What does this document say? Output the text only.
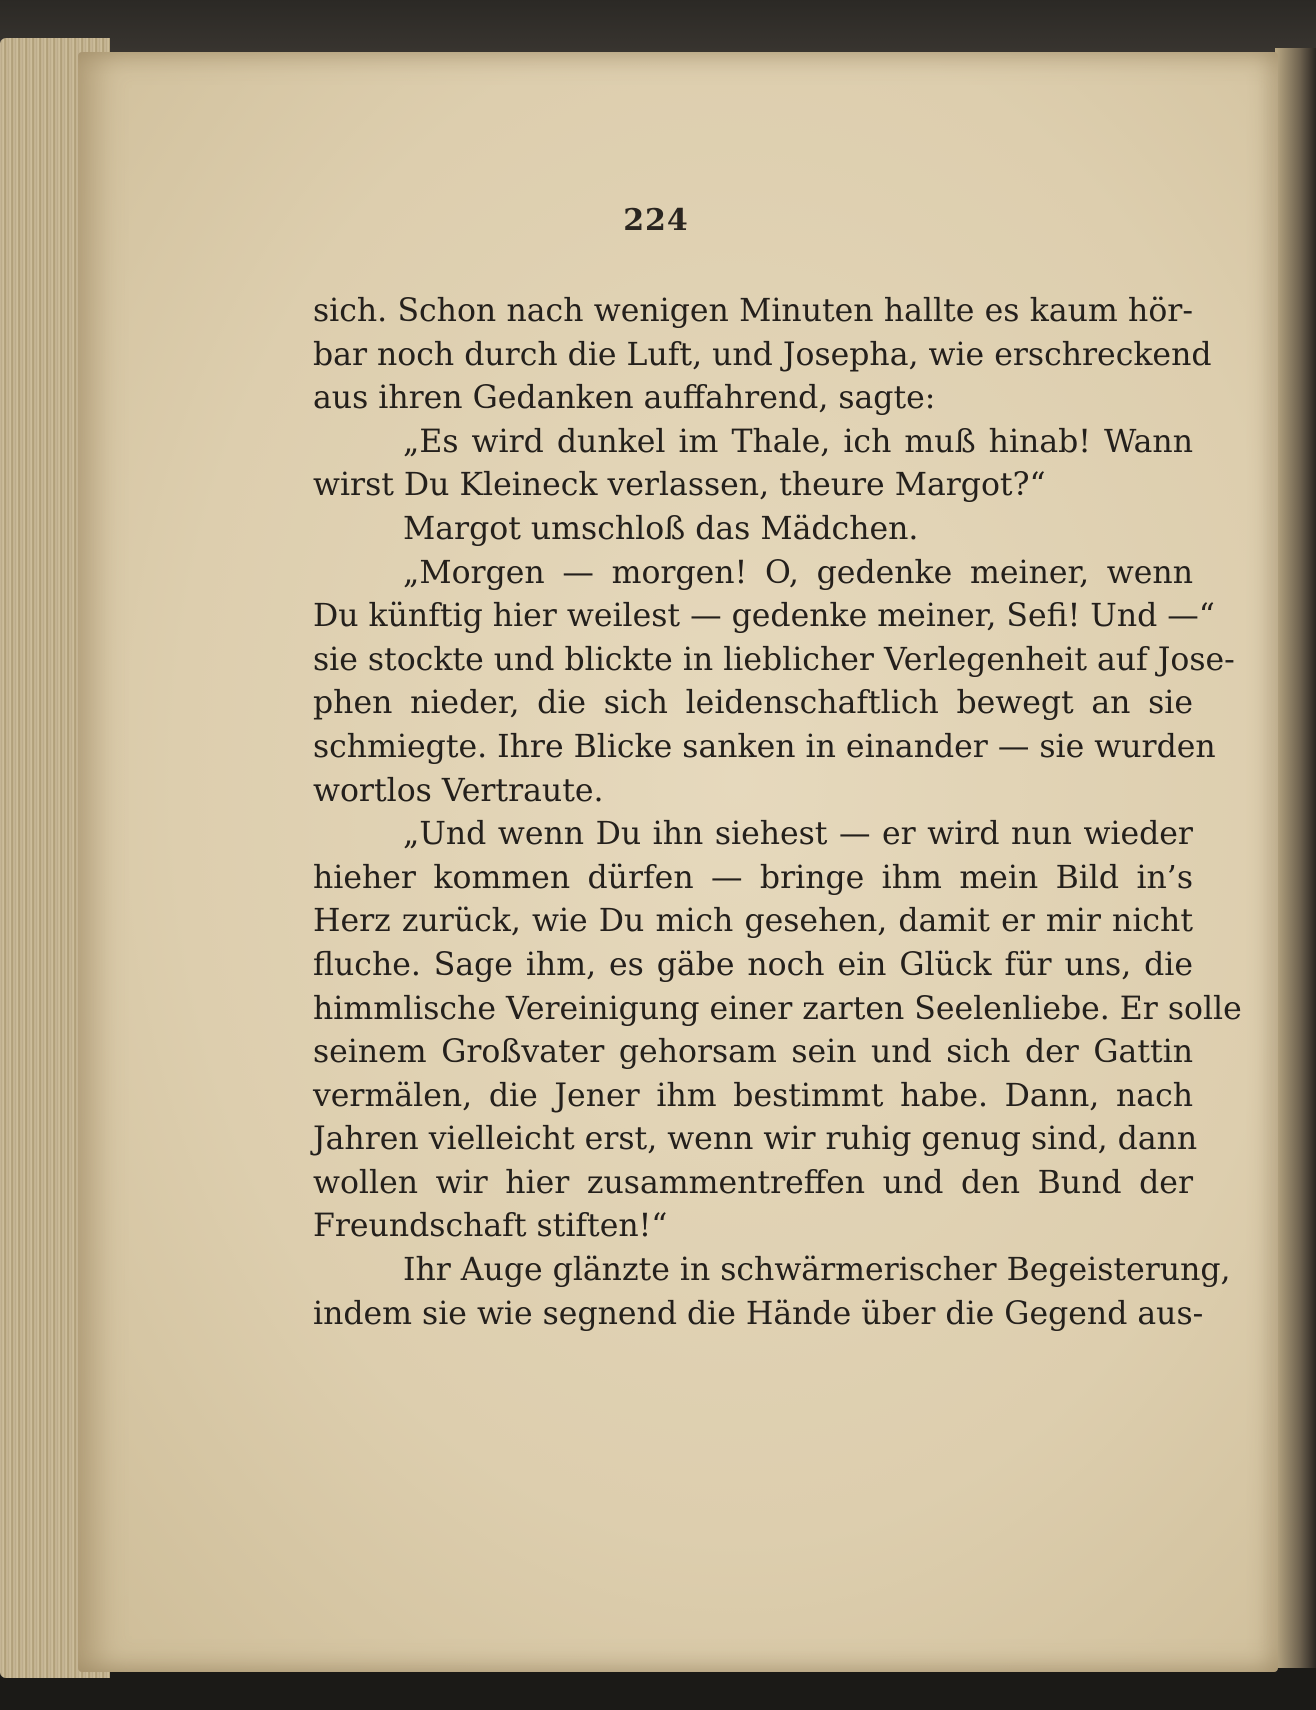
224
sich. Schon nach wenigen Minuten hallte es kaum hör-
bar noch durch die Luft, und Josepha, wie erschreckend
aus ihren Gedanken auffahrend, sagte:
„Es wird dunkel im Thale, ich muß hinab! Wann
wirst Du Kleineck verlassen, theure Margot?“
Margot umschloß das Mädchen.
„Morgen — morgen! O, gedenke meiner, wenn
Du künftig hier weilest — gedenke meiner, Sefi! Und —“
sie stockte und blickte in lieblicher Verlegenheit auf Jose-
phen nieder, die sich leidenschaftlich bewegt an sie
schmiegte. Ihre Blicke sanken in einander — sie wurden
wortlos Vertraute.
„Und wenn Du ihn siehest — er wird nun wieder
hieher kommen dürfen — bringe ihm mein Bild in’s
Herz zurück, wie Du mich gesehen, damit er mir nicht
fluche. Sage ihm, es gäbe noch ein Glück für uns, die
himmlische Vereinigung einer zarten Seelenliebe. Er solle
seinem Großvater gehorsam sein und sich der Gattin
vermälen, die Jener ihm bestimmt habe. Dann, nach
Jahren vielleicht erst, wenn wir ruhig genug sind, dann
wollen wir hier zusammentreffen und den Bund der
Freundschaft stiften!“
Ihr Auge glänzte in schwärmerischer Begeisterung,
indem sie wie segnend die Hände über die Gegend aus-
